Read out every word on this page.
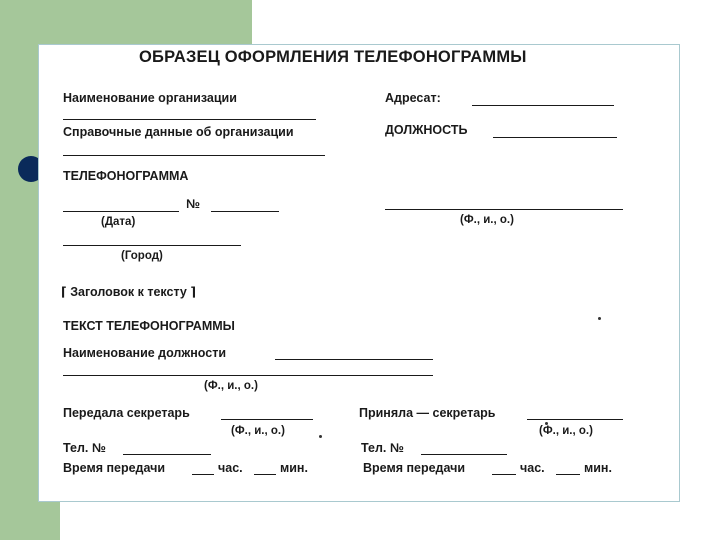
ОБРАЗЕЦ ОФОРМЛЕНИЯ ТЕЛЕФОНОГРАММЫ
Наименование организации	Адресат:
Справочные данные об организации	ДОЛЖНОСТЬ
ТЕЛЕФОНОГРАММА
№
(Дата)	(Ф., и., о.)
(Город)
⌈ Заголовок к тексту ⌉
ТЕКСТ ТЕЛЕФОНОГРАММЫ
Наименование должности
(Ф., и., о.)
Передала секретарь
(Ф., и., о.)
Приняла — секретарь
(Ф., и., о.)
Тел. №	Тел. №
Время передачи	час.	мин.	Время передачи	час.	мин.
